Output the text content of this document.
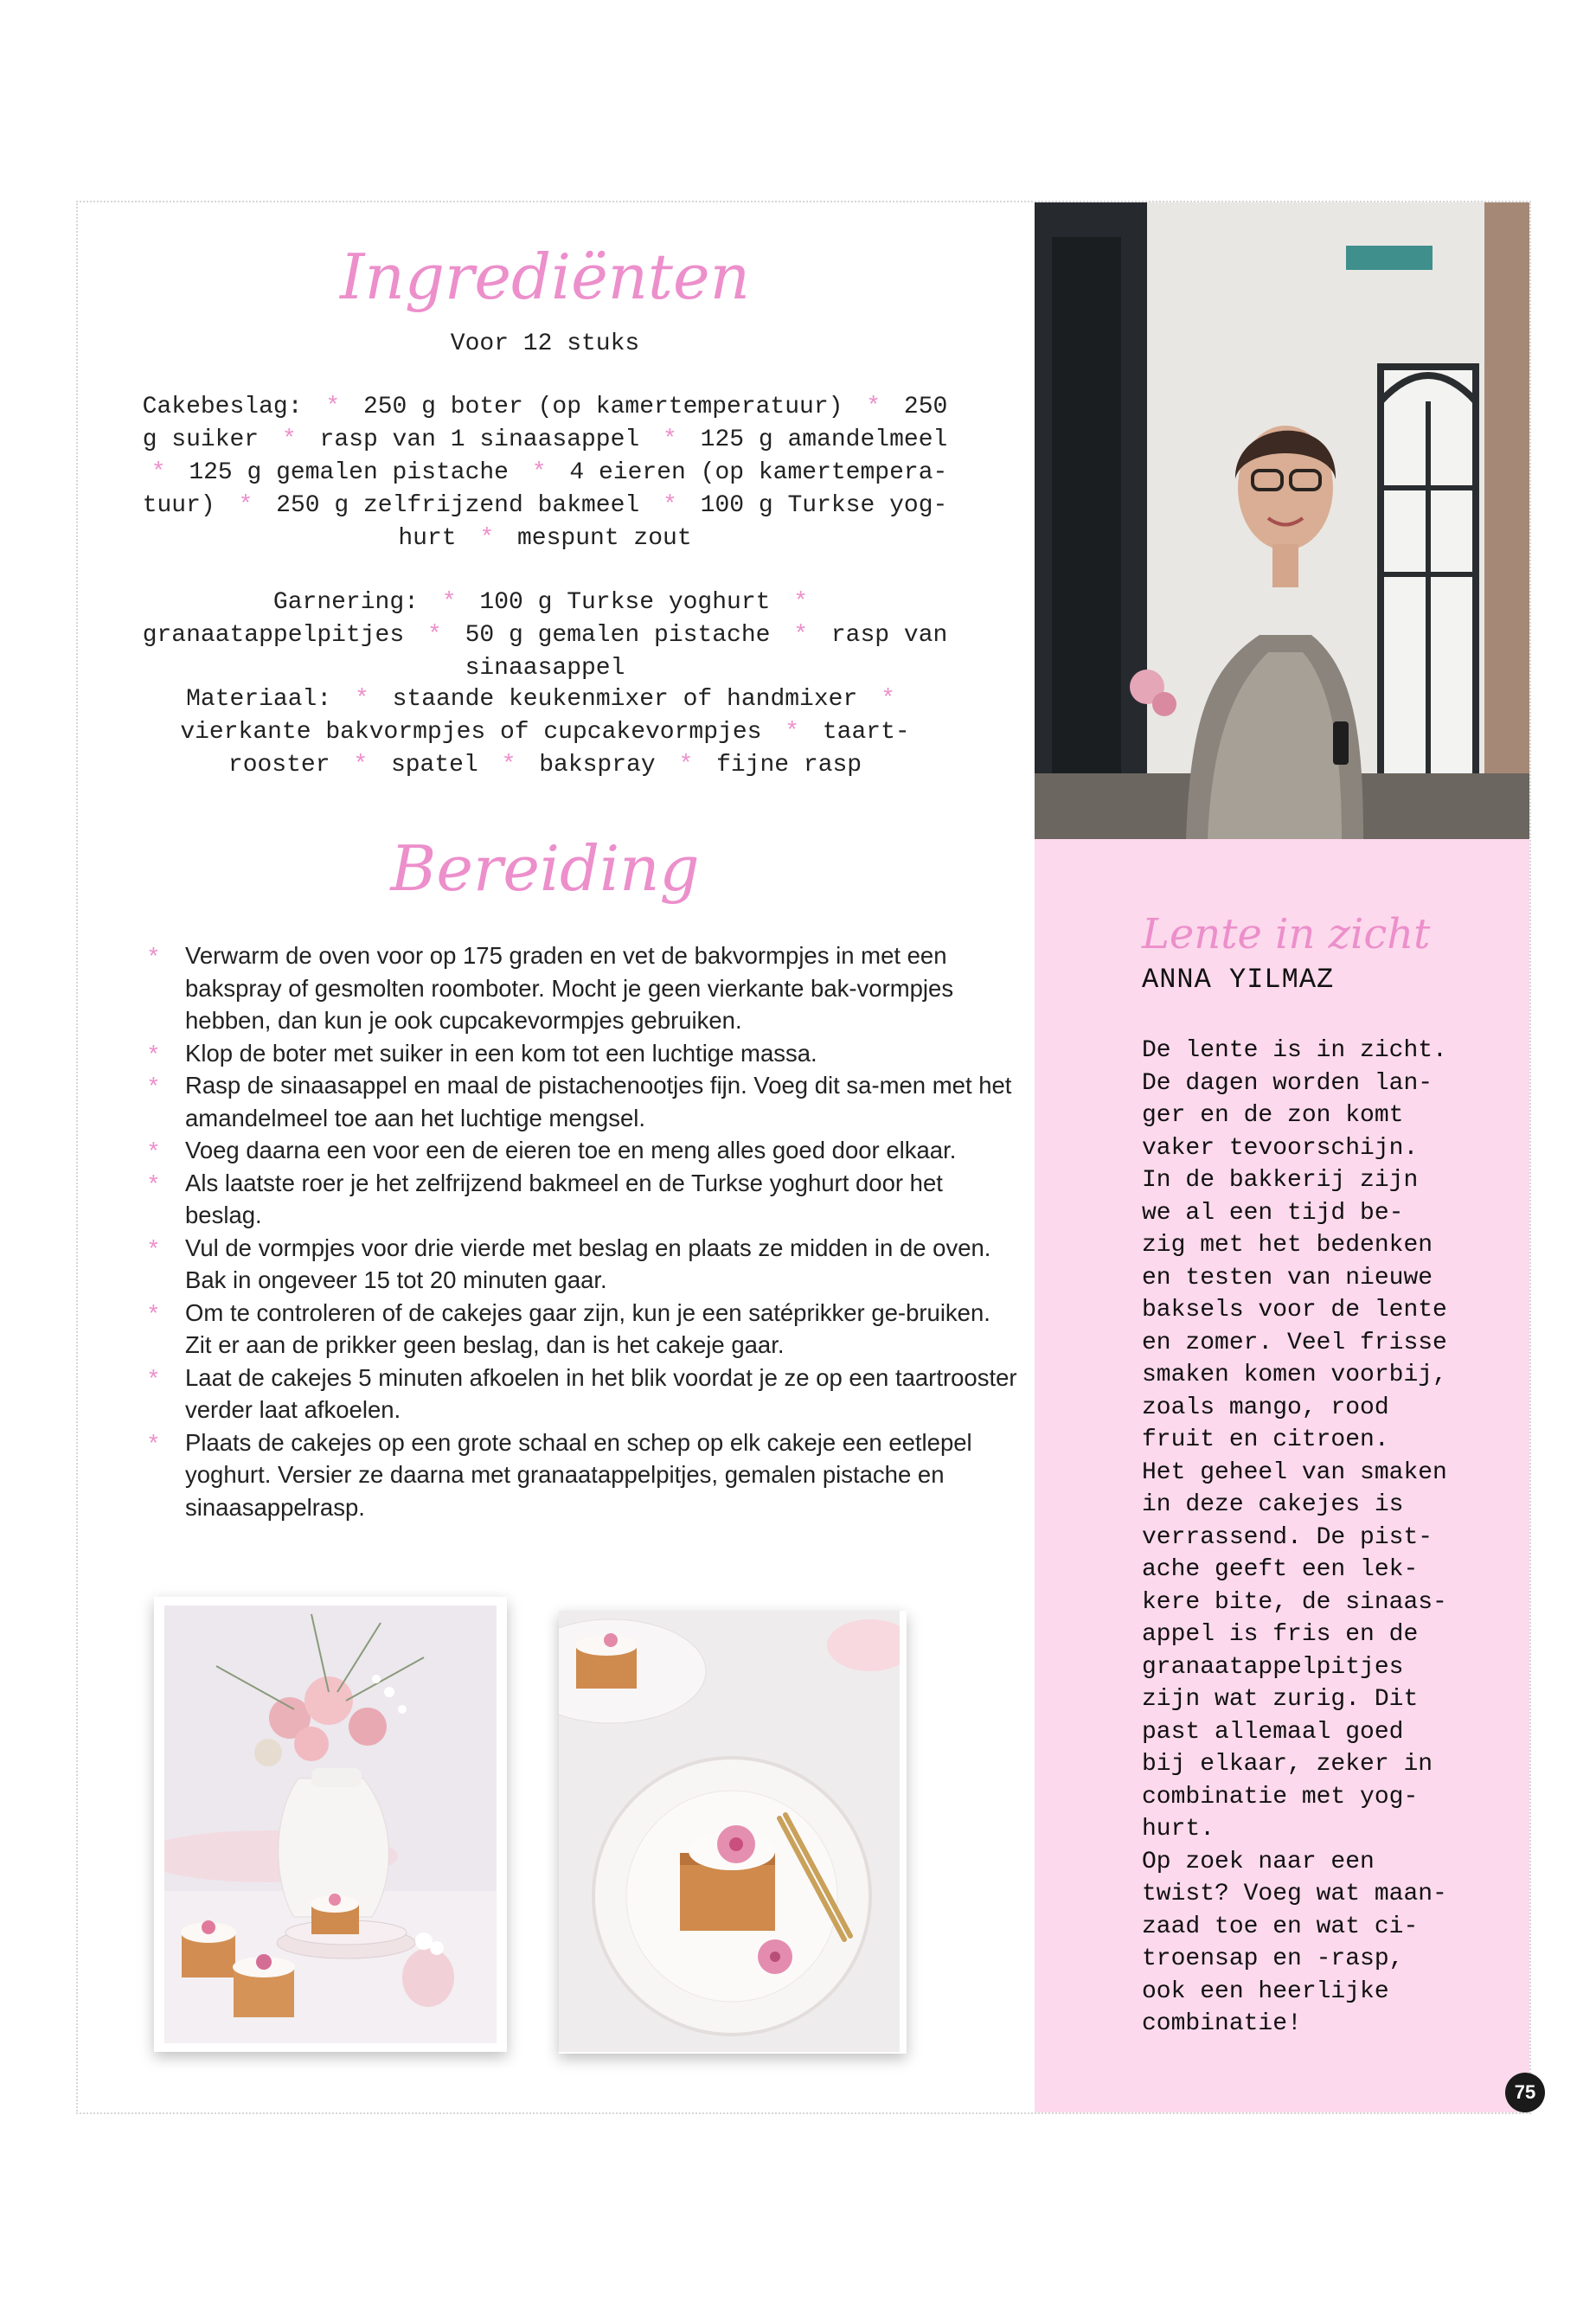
Ingrediënten
Voor 12 stuks
Cakebeslag: * 250 g boter (op kamertemperatuur) * 250 g suiker * rasp van 1 sinaasappel * 125 g amandelmeel * 125 g gemalen pistache * 4 eieren (op kamertempera-tuur) * 250 g zelfrijzend bakmeel * 100 g Turkse yog-hurt * mespunt zout
Garnering: * 100 g Turkse yoghurt * granaatappelpitjes * 50 g gemalen pistache * rasp van sinaasappel
Materiaal: * staande keukenmixer of handmixer * vierkante bakvormpjes of cupcakevormpjes * taart-rooster * spatel * bakspray * fijne rasp
Bereiding
* Verwarm de oven voor op 175 graden en vet de bakvormpjes in met een bakspray of gesmolten roomboter. Mocht je geen vierkante bak-vormpjes hebben, dan kun je ook cupcakevormpjes gebruiken.
* Klop de boter met suiker in een kom tot een luchtige massa.
* Rasp de sinaasappel en maal de pistachenootjes fijn. Voeg dit sa-men met het amandelmeel toe aan het luchtige mengsel.
* Voeg daarna een voor een de eieren toe en meng alles goed door elkaar.
* Als laatste roer je het zelfrijzend bakmeel en de Turkse yoghurt door het beslag.
* Vul de vormpjes voor drie vierde met beslag en plaats ze midden in de oven. Bak in ongeveer 15 tot 20 minuten gaar.
* Om te controleren of de cakejes gaar zijn, kun je een satéprikker ge-bruiken. Zit er aan de prikker geen beslag, dan is het cakeje gaar.
* Laat de cakejes 5 minuten afkoelen in het blik voordat je ze op een taartrooster verder laat afkoelen.
* Plaats de cakejes op een grote schaal en schep op elk cakeje een eetlepel yoghurt. Versier ze daarna met granaatappelpitjes, gemalen pistache en sinaasappelrasp.
Lente in zicht
ANNA YILMAZ

De lente is in zicht.
De dagen worden lan-
ger en de zon komt
vaker tevoorschijn.
In de bakkerij zijn
we al een tijd be-
zig met het bedenken
en testen van nieuwe
baksels voor de lente
en zomer. Veel frisse
smaken komen voorbij,
zoals mango, rood
fruit en citroen.
Het geheel van smaken
in deze cakejes is
verrassend. De pist-
ache geeft een lek-
kere bite, de sinaas-
appel is fris en de
granaatappelpitjes
zijn wat zurig. Dit
past allemaal goed
bij elkaar, zeker in
combinatie met yog-
hurt.
Op zoek naar een
twist? Voeg wat maan-
zaad toe en wat ci-
troensap en -rasp,
ook een heerlijke
combinatie!

75
